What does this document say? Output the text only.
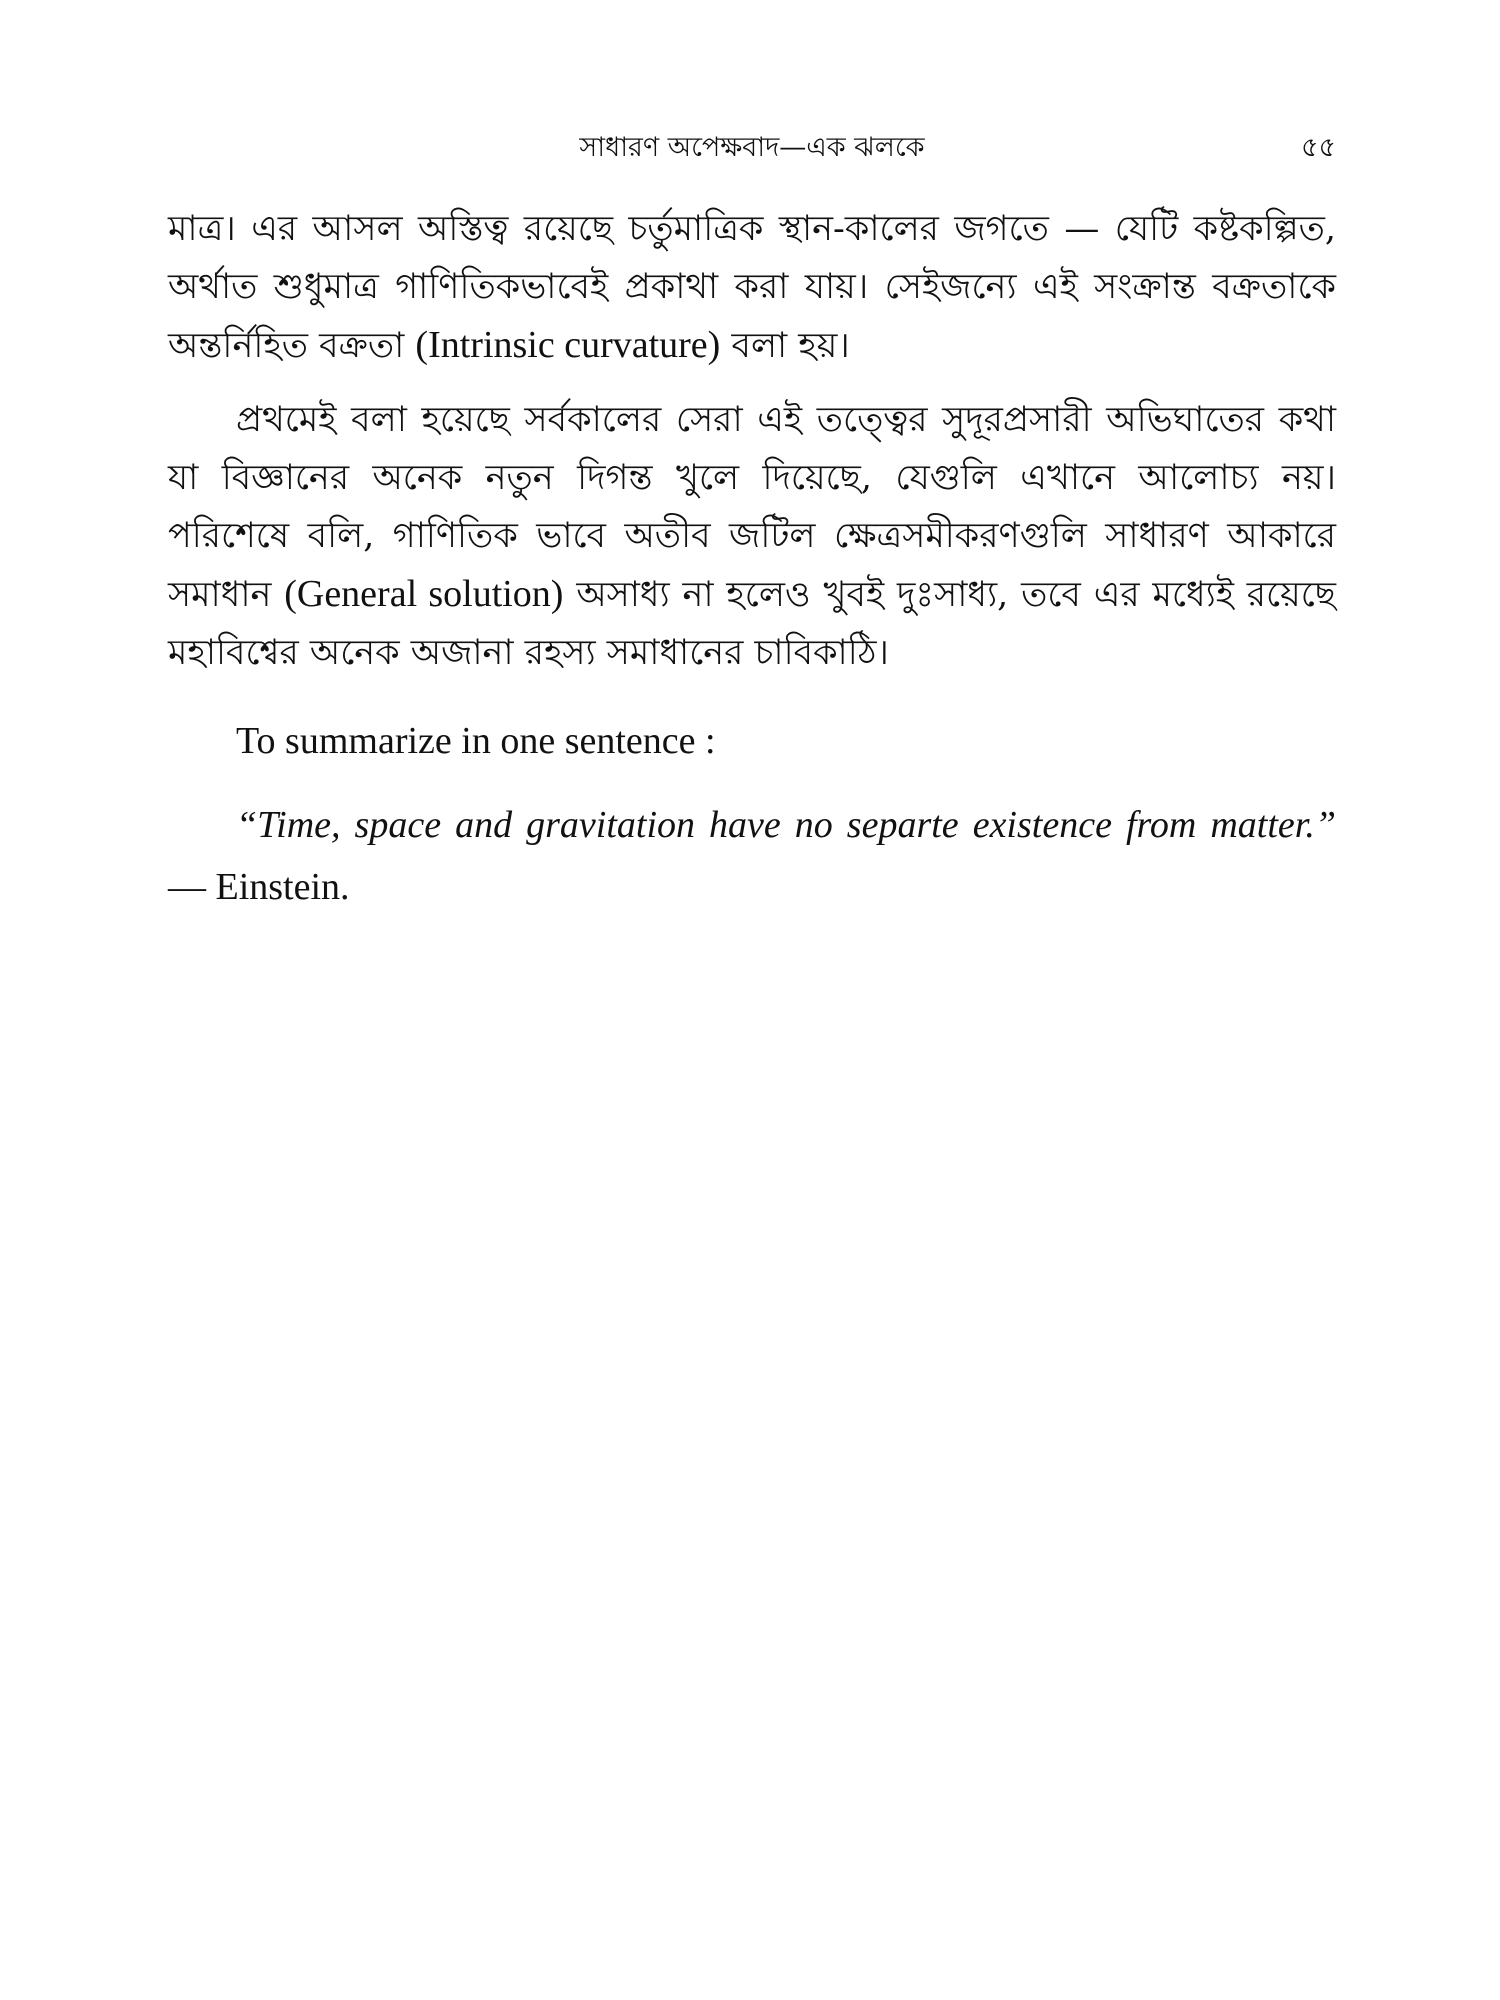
সাধারণ অপেক্ষবাদ—এক ঝলকে	৫৫

মাত্র। এর আসল অস্তিত্ব রয়েছে চর্তুমাত্রিক স্থান-কালের জগতে — যেটি কষ্টকল্পিত, অর্থাত শুধুমাত্র গাণিতিকভাবেই প্রকাথা করা যায়। সেইজন্যে এই সংক্রান্ত বক্রতাকে অন্তর্নিহিত বক্রতা (Intrinsic curvature) বলা হয়।

প্রথমেই বলা হয়েছে সর্বকালের সেরা এই তত্ত্বের সুদূরপ্রসারী অভিঘাতের কথা যা বিজ্ঞানের অনেক নতুন দিগন্ত খুলে দিয়েছে, যেগুলি এখানে আলোচ্য নয়। পরিশেষে বলি, গাণিতিক ভাবে অতীব জটিল ক্ষেত্রসমীকরণগুলি সাধারণ আকারে সমাধান (General solution) অসাধ্য না হলেও খুবই দুঃসাধ্য, তবে এর মধ্যেই রয়েছে মহাবিশ্বের অনেক অজানা রহস্য সমাধানের চাবিকাঠি।

To summarize in one sentence :

“Time, space and gravitation have no separte existence from matter.” — Einstein.
